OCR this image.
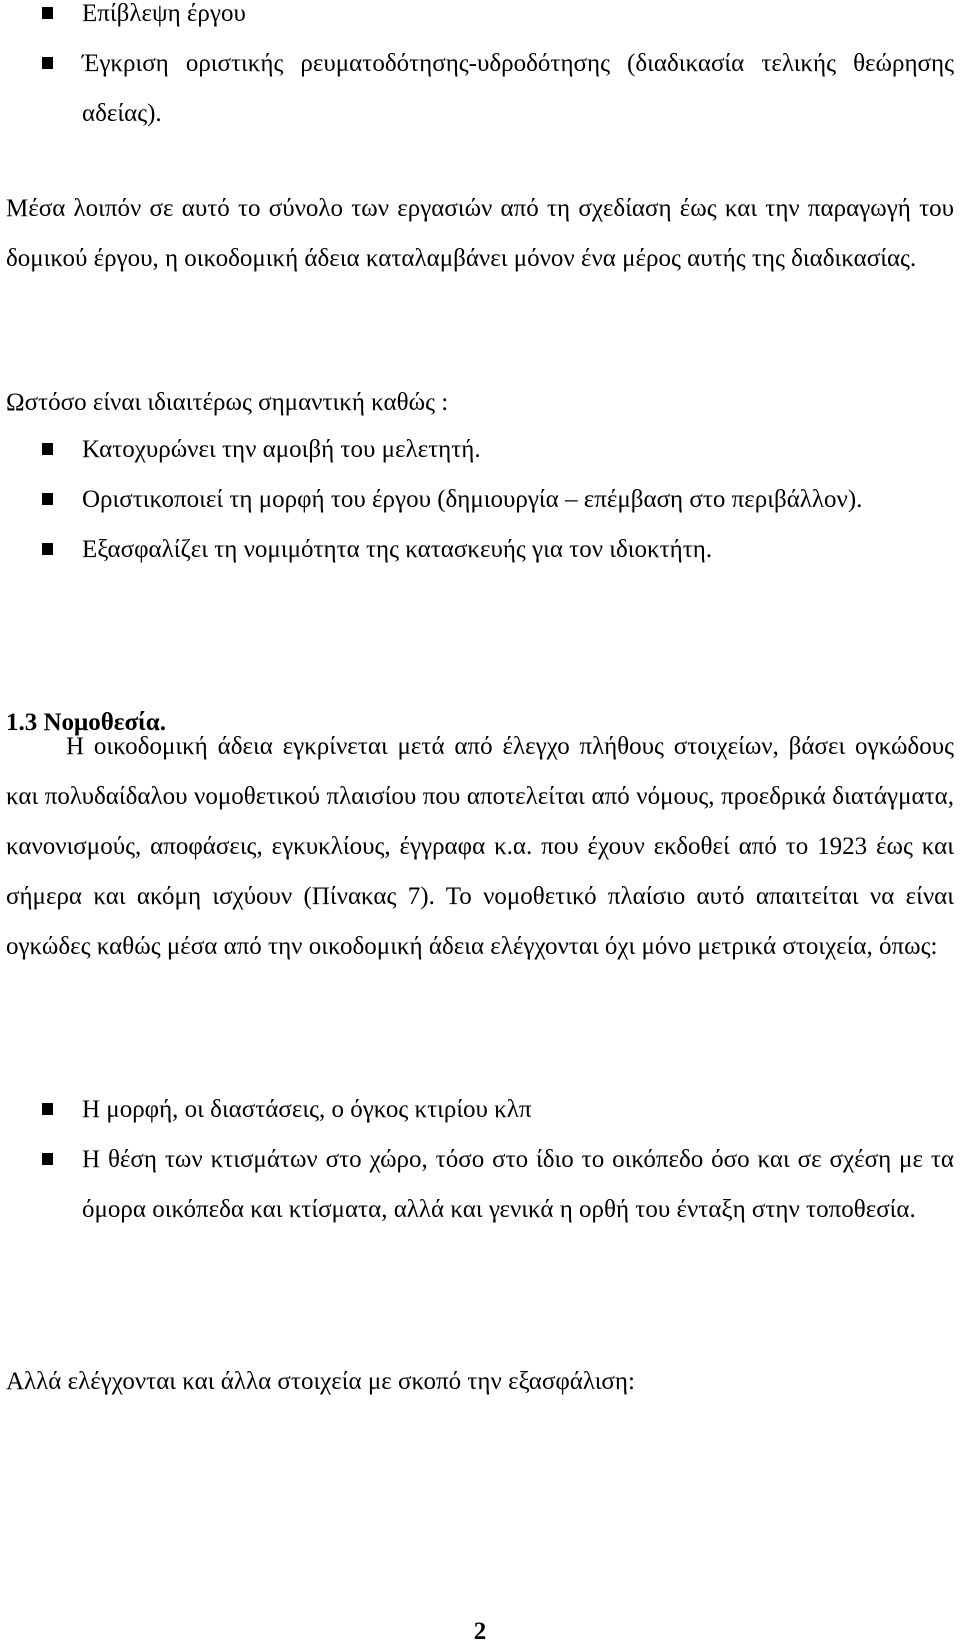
Επίβλεψη έργου
Έγκριση οριστικής ρευματοδότησης-υδροδότησης (διαδικασία τελικής θεώρησης αδείας).

Μέσα λοιπόν σε αυτό το σύνολο των εργασιών από τη σχεδίαση έως και την παραγωγή του δομικού έργου, η οικοδομική άδεια καταλαμβάνει μόνον ένα μέρος αυτής της διαδικασίας.

Ωστόσο είναι ιδιαιτέρως σημαντική καθώς :

Κατοχυρώνει την αμοιβή του μελετητή.
Οριστικοποιεί τη μορφή του έργου (δημιουργία – επέμβαση στο περιβάλλον).
Εξασφαλίζει τη νομιμότητα της κατασκευής για τον ιδιοκτήτη.
1.3 Νομοθεσία.

Η οικοδομική άδεια εγκρίνεται μετά από έλεγχο πλήθους στοιχείων, βάσει ογκώδους και πολυδαίδαλου νομοθετικού πλαισίου που αποτελείται από νόμους, προεδρικά διατάγματα, κανονισμούς, αποφάσεις, εγκυκλίους, έγγραφα κ.α. που έχουν εκδοθεί από το 1923 έως και σήμερα και ακόμη ισχύουν (Πίνακας 7). Το νομοθετικό πλαίσιο αυτό απαιτείται να είναι ογκώδες καθώς μέσα από την οικοδομική άδεια ελέγχονται όχι μόνο μετρικά στοιχεία, όπως:

Η μορφή, οι διαστάσεις, ο όγκος κτιρίου κλπ
Η θέση των κτισμάτων στο χώρο, τόσο στο ίδιο το οικόπεδο όσο και σε σχέση με τα όμορα οικόπεδα και κτίσματα, αλλά και γενικά η ορθή του ένταξη στην τοποθεσία.

Αλλά ελέγχονται και άλλα στοιχεία με σκοπό την εξασφάλιση:

2
